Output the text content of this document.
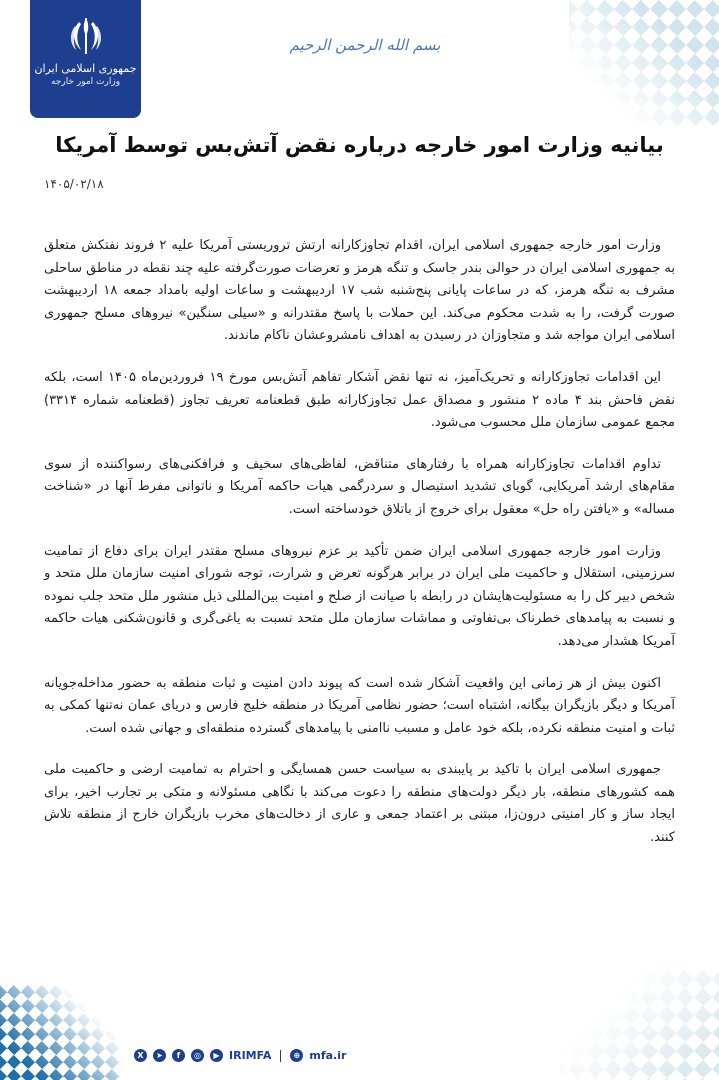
جمهوری اسلامی ایران
وزارت امور خارجه
بسم الله الرحمن الرحیم
بیانیه وزارت امور خارجه درباره نقض آتش‌بس توسط آمریکا
۱۴۰۵/۰۲/۱۸

وزارت امور خارجه جمهوری اسلامی ایران، اقدام تجاوزکارانه ارتش تروریستی آمریکا علیه ۲ فروند نفتکش متعلق به جمهوری اسلامی ایران در حوالی بندر جاسک و تنگه هرمز و تعرضات صورت‌گرفته علیه چند نقطه در مناطق ساحلی مشرف به تنگه هرمز، که در ساعات پایانی پنج‌شنبه شب ۱۷ اردیبهشت و ساعات اولیه بامداد جمعه ۱۸ اردیبهشت صورت گرفت، را به شدت محکوم می‌کند. این حملات با پاسخ مقتدرانه و «سیلی سنگین» نیروهای مسلح جمهوری اسلامی ایران مواجه شد و متجاوزان در رسیدن به اهداف نامشروعشان ناکام ماندند.

این اقدامات تجاوزکارانه و تحریک‌آمیز، نه تنها نقض آشکار تفاهم آتش‌بس مورخ ۱۹ فروردین‌ماه ۱۴۰۵ است، بلکه نقض فاحش بند ۴ ماده ۲ منشور و مصداق عمل تجاوزکارانه طبق قطعنامه تعریف تجاوز (قطعنامه شماره ۳۳۱۴) مجمع عمومی سازمان ملل محسوب می‌شود.

تداوم اقدامات تجاوزکارانه همراه با رفتارهای متناقض، لفاظی‌های سخیف و فرافکنی‌های رسواکننده از سوی مقام‌های ارشد آمریکایی، گویای تشدید استیصال و سردرگمی هیات حاکمه آمریکا و ناتوانی مفرط آنها در «شناخت مساله» و «یافتن راه حل» معقول برای خروج از باتلاق خودساخته است.

وزارت امور خارجه جمهوری اسلامی ایران ضمن تأکید بر عزم نیروهای مسلح مقتدر ایران برای دفاع از تمامیت سرزمینی، استقلال و حاکمیت ملی ایران در برابر هرگونه تعرض و شرارت، توجه شورای امنیت سازمان ملل متحد و شخص دبیر کل را به مسئولیت‌هایشان در رابطه با صیانت از صلح و امنیت بین‌المللی ذیل منشور ملل متحد جلب نموده و نسبت به پیامدهای خطرناک بی‌تفاوتی و مماشات سازمان ملل متحد نسبت به یاغی‌گری و قانون‌شکنی هیات حاکمه آمریکا هشدار می‌دهد.

اکنون بیش از هر زمانی این واقعیت آشکار شده است که پیوند دادن امنیت و ثبات منطقه به حضور مداخله‌جویانه آمریکا و دیگر بازیگران بیگانه، اشتباه است؛ حضور نظامی آمریکا در منطقه خلیج فارس و دریای عمان نه‌تنها کمکی به ثبات و امنیت منطقه نکرده، بلکه خود عامل و مسبب ناامنی با پیامدهای گسترده منطقه‌ای و جهانی شده است.

جمهوری اسلامی ایران با تاکید بر پایبندی به سیاست حسن همسایگی و احترام به تمامیت ارضی و حاکمیت ملی همه کشورهای منطقه، بار دیگر دولت‌های منطقه را دعوت می‌کند با نگاهی مسئولانه و متکی بر تجارب اخیر، برای ایجاد ساز و کار امنیتی درون‌زا، مبتنی بر اعتماد جمعی و عاری از دخالت‌های مخرب بازیگران خارج از منطقه تلاش کنند.

X	➤	f	◎	▶ IRIMFA	⊕ mfa.ir
